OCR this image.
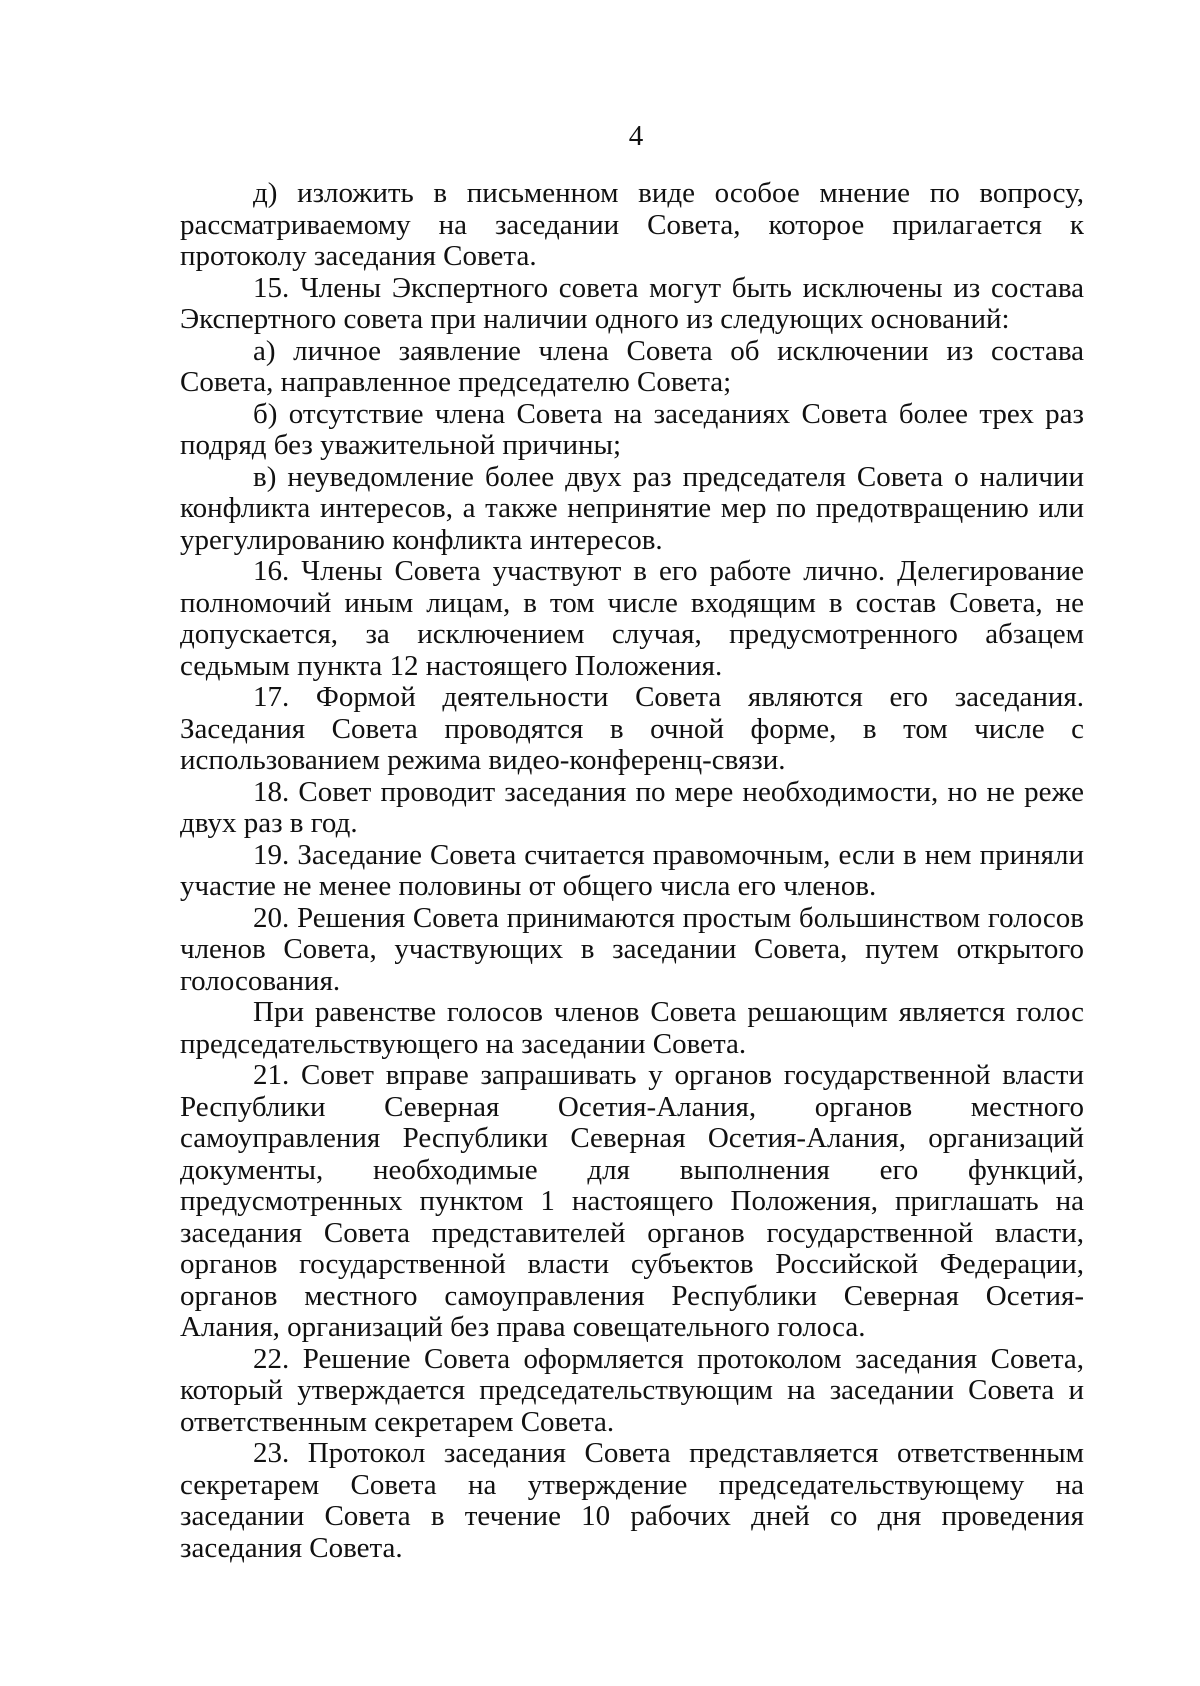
4

д) изложить в письменном виде особое мнение по вопросу, рассматриваемому на заседании Совета, которое прилагается к протоколу заседания Совета.

15. Члены Экспертного совета могут быть исключены из состава Экспертного совета при наличии одного из следующих оснований:

а) личное заявление члена Совета об исключении из состава Совета, направленное председателю Совета;

б) отсутствие члена Совета на заседаниях Совета более трех раз подряд без уважительной причины;

в) неуведомление более двух раз председателя Совета о наличии конфликта интересов, а также непринятие мер по предотвращению или урегулированию конфликта интересов.

16. Члены Совета участвуют в его работе лично. Делегирование полномочий иным лицам, в том числе входящим в состав Совета, не допускается, за исключением случая, предусмотренного абзацем седьмым пункта 12 настоящего Положения.

17. Формой деятельности Совета являются его заседания. Заседания Совета проводятся в очной форме, в том числе с использованием режима видео-конференц-связи.

18. Совет проводит заседания по мере необходимости, но не реже двух раз в год.

19. Заседание Совета считается правомочным, если в нем приняли участие не менее половины от общего числа его членов.

20. Решения Совета принимаются простым большинством голосов членов Совета, участвующих в заседании Совета, путем открытого голосования.

При равенстве голосов членов Совета решающим является голос председательствующего на заседании Совета.

21. Совет вправе запрашивать у органов государственной власти Республики Северная Осетия-Алания, органов местного самоуправления Республики Северная Осетия-Алания, организаций документы, необходимые для выполнения его функций, предусмотренных пунктом 1 настоящего Положения, приглашать на заседания Совета представителей органов государственной власти, органов государственной власти субъектов Российской Федерации, органов местного самоуправления Республики Северная Осетия-Алания, организаций без права совещательного голоса.

22. Решение Совета оформляется протоколом заседания Совета, который утверждается председательствующим на заседании Совета и ответственным секретарем Совета.

23. Протокол заседания Совета представляется ответственным секретарем Совета на утверждение председательствующему на заседании Совета в течение 10 рабочих дней со дня проведения заседания Совета.
